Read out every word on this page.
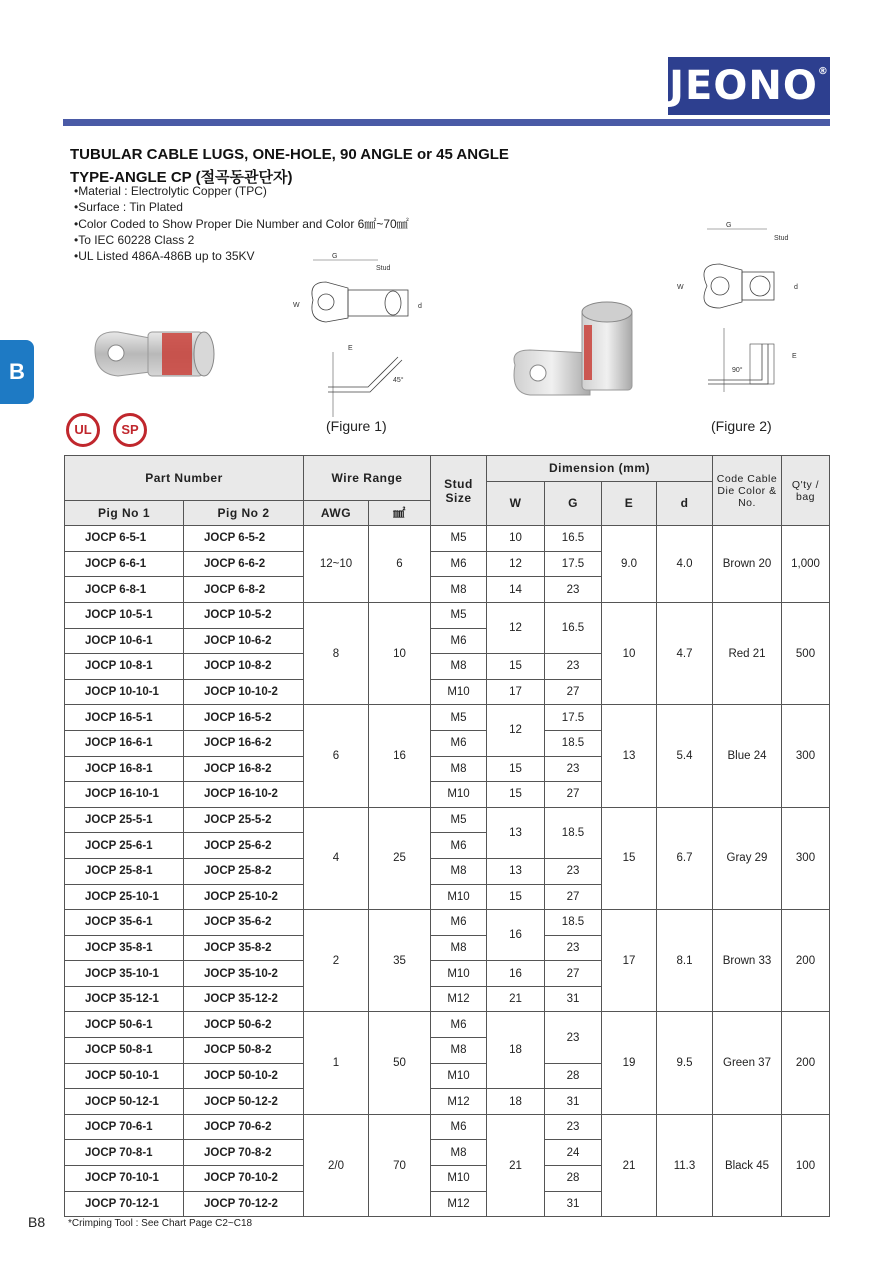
JEONO®
B
TUBULAR CABLE LUGS, ONE-HOLE, 90 ANGLE or 45 ANGLE
TYPE-ANGLE CP (절곡동관단자)
• Material : Electrolytic Copper (TPC)
• Surface : Tin Plated
• Color Coded to Show Proper Die Number and Color 6㎟~70㎟
• To IEC 60228 Class 2
• UL Listed 486A-486B up to 35KV	G
Stud
W	d
E
45°
(Figure 1)
G
Stud
W	d
90°
E
(Figure 2)
UL	SP
Part Number		Wire Range		Stud Size	Dimension (mm)				Code Cable Die Color & No.	Q'ty / bag
					W	G	E	d		
Pig No 1	Pig No 2	AWG	㎟							
JOCP 6-5-1	JOCP 6-5-2	12~10	6	M5	10	16.5	9.0	4.0	Brown 20	1,000
JOCP 6-6-1	JOCP 6-6-2			M6	12	17.5				
JOCP 6-8-1	JOCP 6-8-2			M8	14	23				
JOCP 10-5-1	JOCP 10-5-2	8	10	M5	12	16.5	10	4.7	Red 21	500
JOCP 10-6-1	JOCP 10-6-2			M6						
JOCP 10-8-1	JOCP 10-8-2			M8	15	23				
JOCP 10-10-1	JOCP 10-10-2			M10	17	27				
JOCP 16-5-1	JOCP 16-5-2	6	16	M5	12	17.5	13	5.4	Blue 24	300
JOCP 16-6-1	JOCP 16-6-2			M6		18.5				
JOCP 16-8-1	JOCP 16-8-2			M8	15	23				
JOCP 16-10-1	JOCP 16-10-2			M10	15	27				
JOCP 25-5-1	JOCP 25-5-2	4	25	M5	13	18.5	15	6.7	Gray 29	300
JOCP 25-6-1	JOCP 25-6-2			M6						
JOCP 25-8-1	JOCP 25-8-2			M8	13	23				
JOCP 25-10-1	JOCP 25-10-2			M10	15	27				
JOCP 35-6-1	JOCP 35-6-2	2	35	M6	16	18.5	17	8.1	Brown 33	200
JOCP 35-8-1	JOCP 35-8-2			M8		23				
JOCP 35-10-1	JOCP 35-10-2			M10	16	27				
JOCP 35-12-1	JOCP 35-12-2			M12	21	31				
JOCP 50-6-1	JOCP 50-6-2	1	50	M6	18	23	19	9.5	Green 37	200
JOCP 50-8-1	JOCP 50-8-2			M8						
JOCP 50-10-1	JOCP 50-10-2			M10		28				
JOCP 50-12-1	JOCP 50-12-2			M12	18	31				
JOCP 70-6-1	JOCP 70-6-2	2/0	70	M6	21	23	21	11.3	Black 45	100
JOCP 70-8-1	JOCP 70-8-2			M8		24				
JOCP 70-10-1	JOCP 70-10-2			M10		28				
JOCP 70-12-1	JOCP 70-12-2			M12		31				
B8 *Crimping Tool : See Chart Page C2~C18
